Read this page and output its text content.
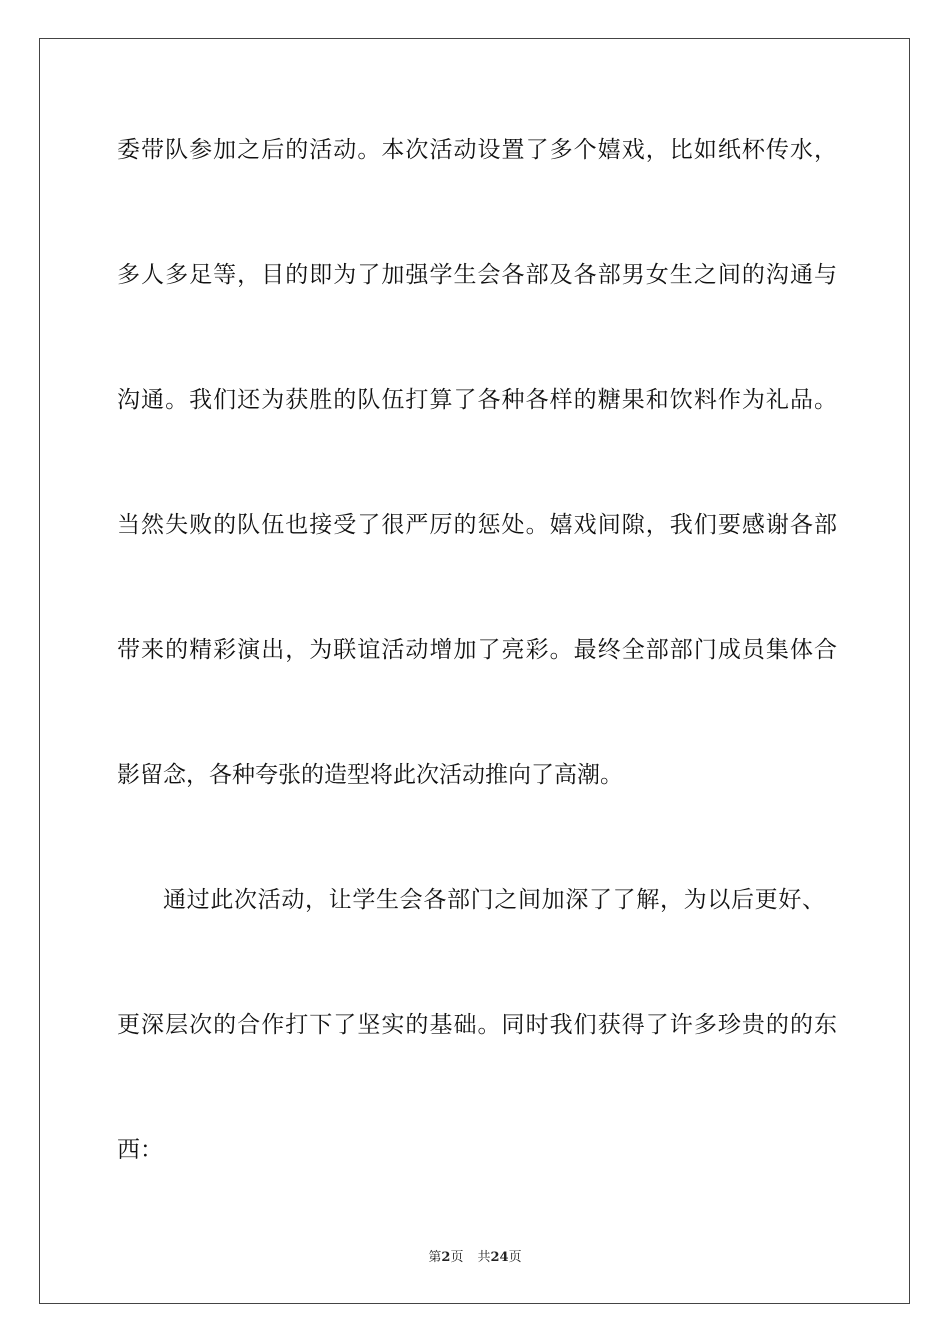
委带队参加之后的活动。本次活动设置了多个嬉戏，比如纸杯传水，
多人多足等，目的即为了加强学生会各部及各部男女生之间的沟通与
沟通。我们还为获胜的队伍打算了各种各样的糖果和饮料作为礼品。
当然失败的队伍也接受了很严厉的惩处。嬉戏间隙，我们要感谢各部
带来的精彩演出，为联谊活动增加了亮彩。最终全部部门成员集体合
影留念，各种夸张的造型将此次活动推向了高潮。
通过此次活动，让学生会各部门之间加深了了解，为以后更好、
更深层次的合作打下了坚实的基础。同时我们获得了许多珍贵的的东
西：
第2页 共24页
